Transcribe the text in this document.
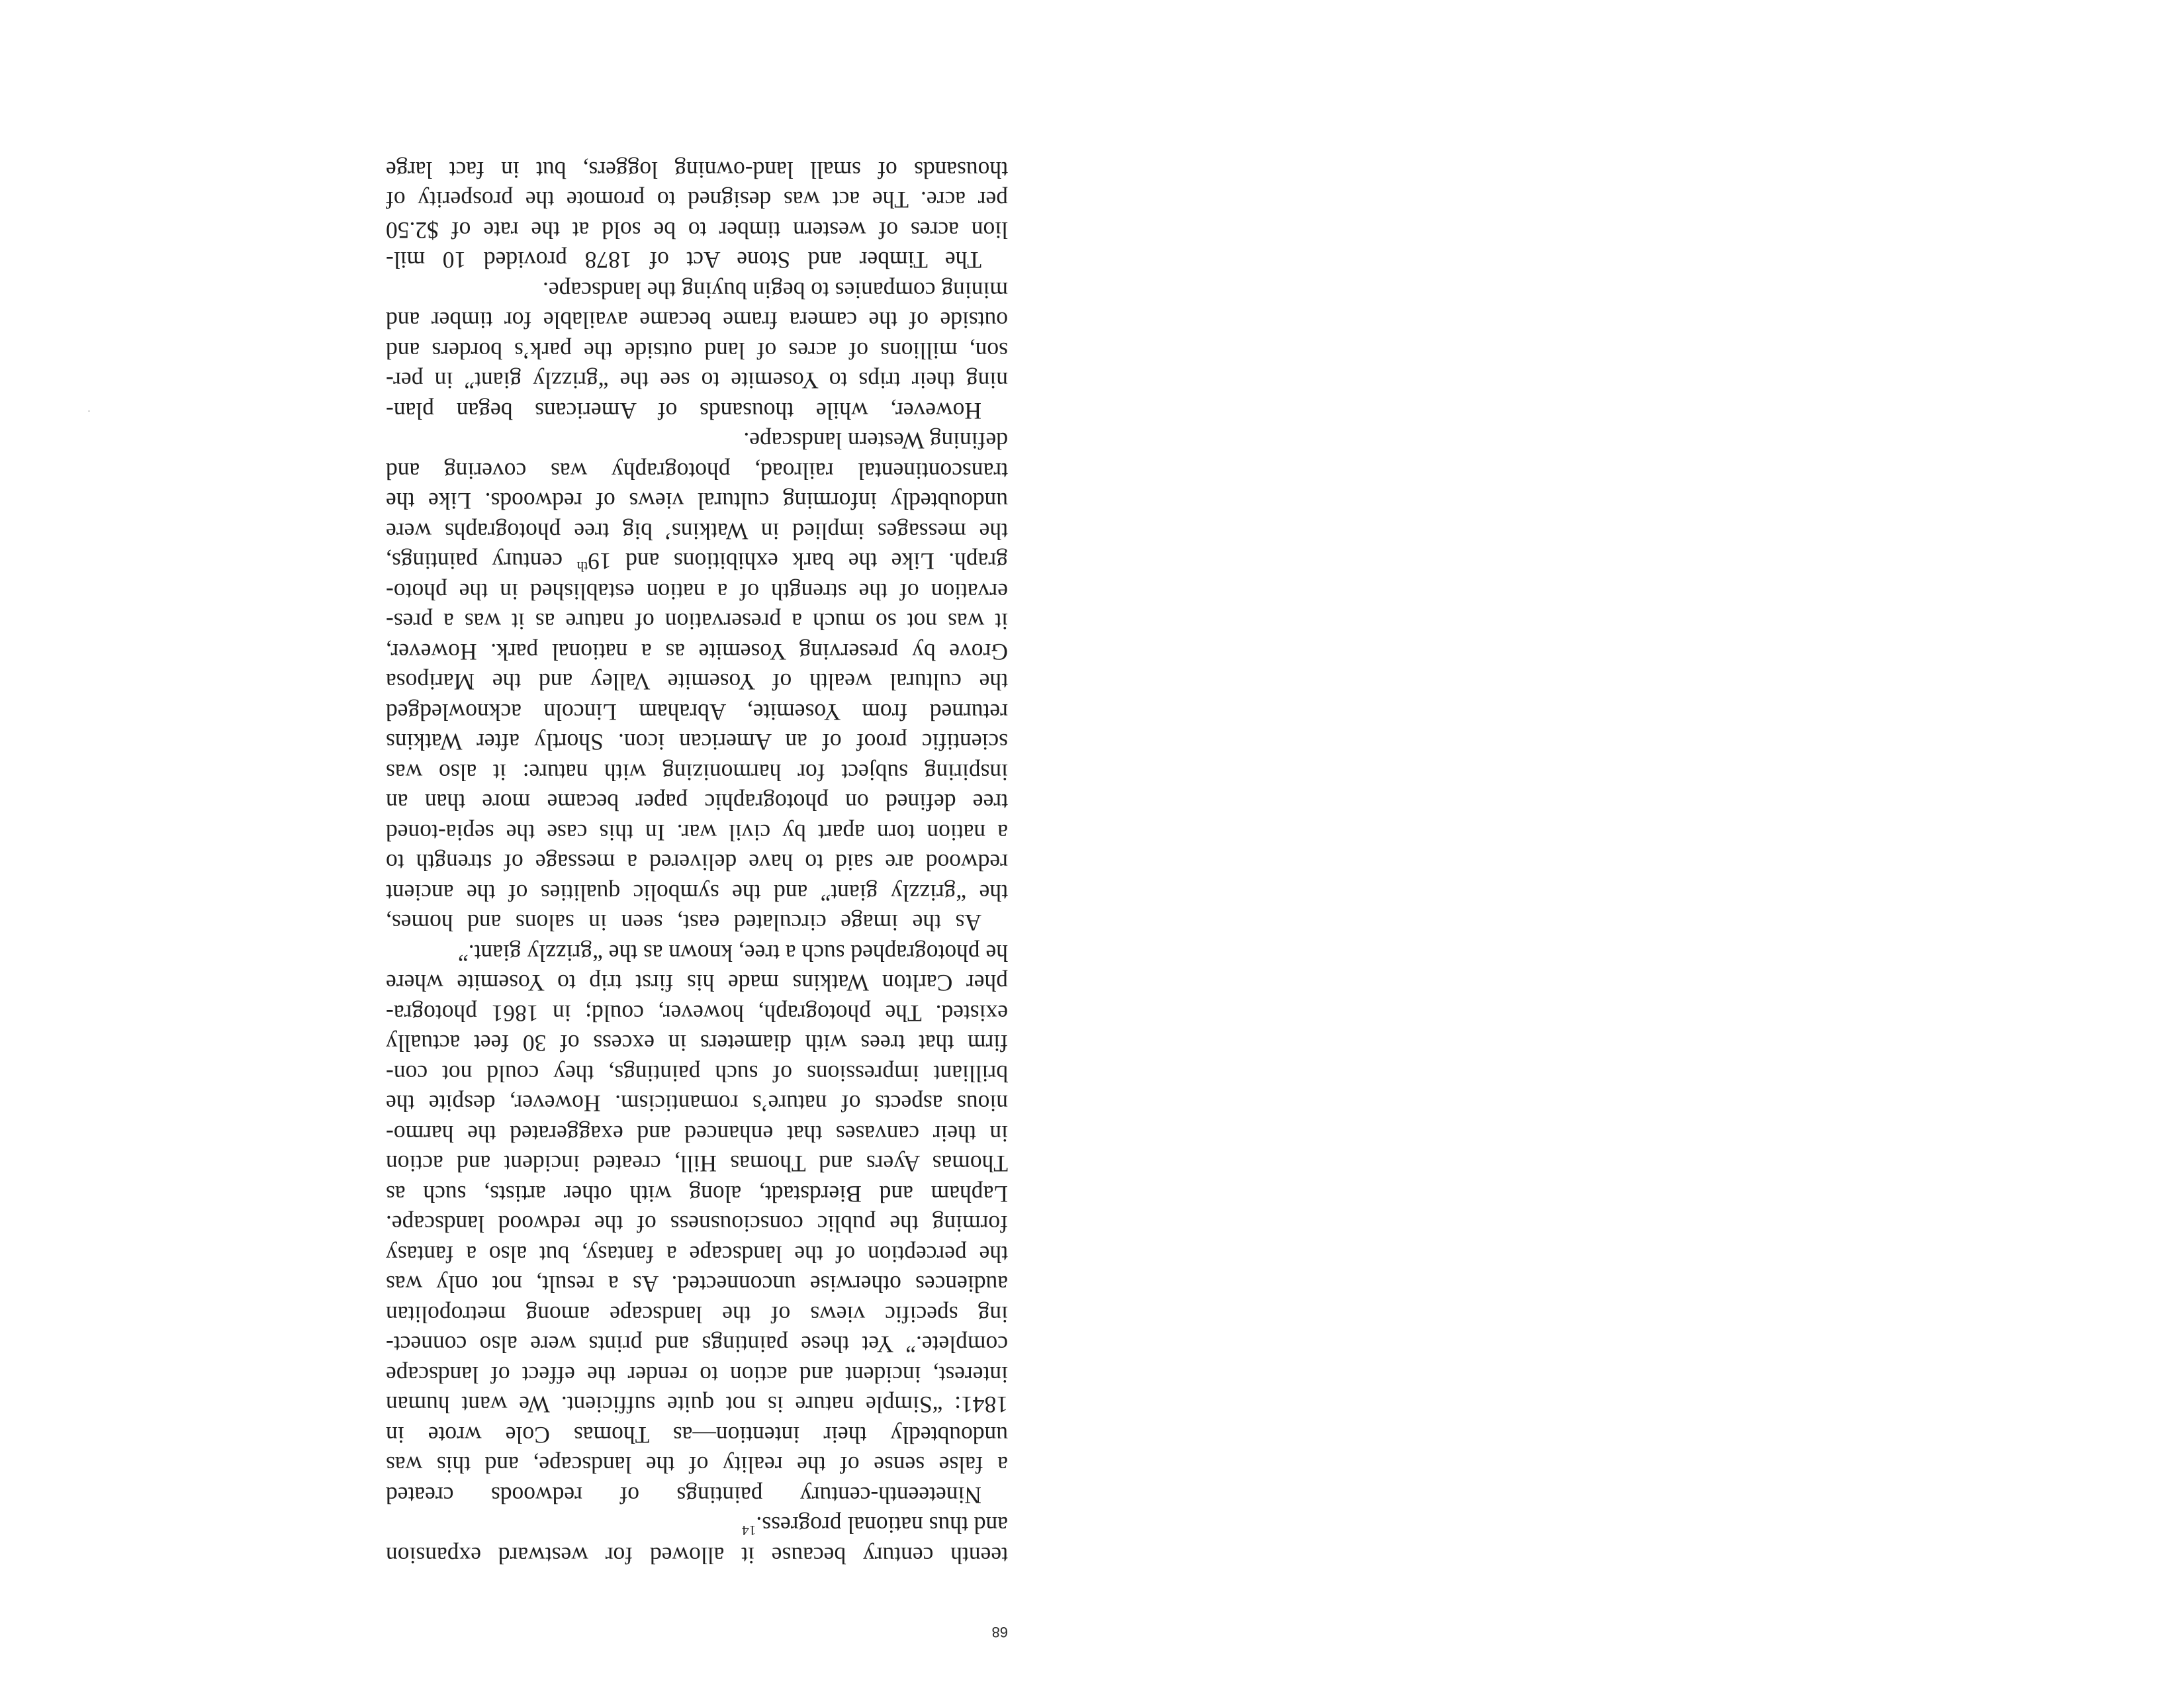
68
teenth century because it allowed for westward expansion
and thus national progress.$^{14}$
Nineteenth-century paintings of redwoods created
a false sense of the reality of the landscape, and this was
undoubtedly their intention—as Thomas Cole wrote in
1841: “Simple nature is not quite sufficient. We want human
interest, incident and action to render the effect of landscape
complete.” Yet these paintings and prints were also connect-
ing specific views of the landscape among metropolitan
audiences otherwise unconnected. As a result, not only was
the perception of the landscape a fantasy, but also a fantasy
forming the public consciousness of the redwood landscape.
Lapham and Bierdstadt, along with other artists, such as
Thomas Ayers and Thomas Hill, created incident and action
in their canvases that enhanced and exaggerated the harmo-
nious aspects of nature’s romanticism. However, despite the
brilliant impressions of such paintings, they could not con-
firm that trees with diameters in excess of 30 feet actually
existed. The photograph, however, could; in 1861 photogra-
pher Carlton Watkins made his first trip to Yosemite where
he photographed such a tree, known as the “grizzly giant.”
As the image circulated east, seen in salons and homes,
the “grizzly giant” and the symbolic qualities of the ancient
redwood are said to have delivered a message of strength to
a nation torn apart by civil war. In this case the sepia-toned
tree defined on photographic paper became more than an
inspiring subject for harmonizing with nature: it also was
scientific proof of an American icon. Shortly after Watkins
returned from Yosemite, Abraham Lincoln acknowledged
the cultural wealth of Yosemite Valley and the Mariposa
Grove by preserving Yosemite as a national park. However,
it was not so much a preservation of nature as it was a pres-
ervation of the strength of a nation established in the photo-
graph. Like the bark exhibitions and 19th century paintings,
the messages implied in Watkins’ big tree photographs were
undoubtedly informing cultural views of redwoods. Like the
transcontinental railroad, photography was covering and
defining Western landscape.
However, while thousands of Americans began plan-
ning their trips to Yosemite to see the “grizzly giant” in per-
son, millions of acres of land outside the park’s borders and
outside of the camera frame became available for timber and
mining companies to begin buying the landscape.
The Timber and Stone Act of 1878 provided 10 mil-
lion acres of western timber to be sold at the rate of $2.50
per acre. The act was designed to promote the prosperity of
thousands of small land-owning loggers, but in fact large
